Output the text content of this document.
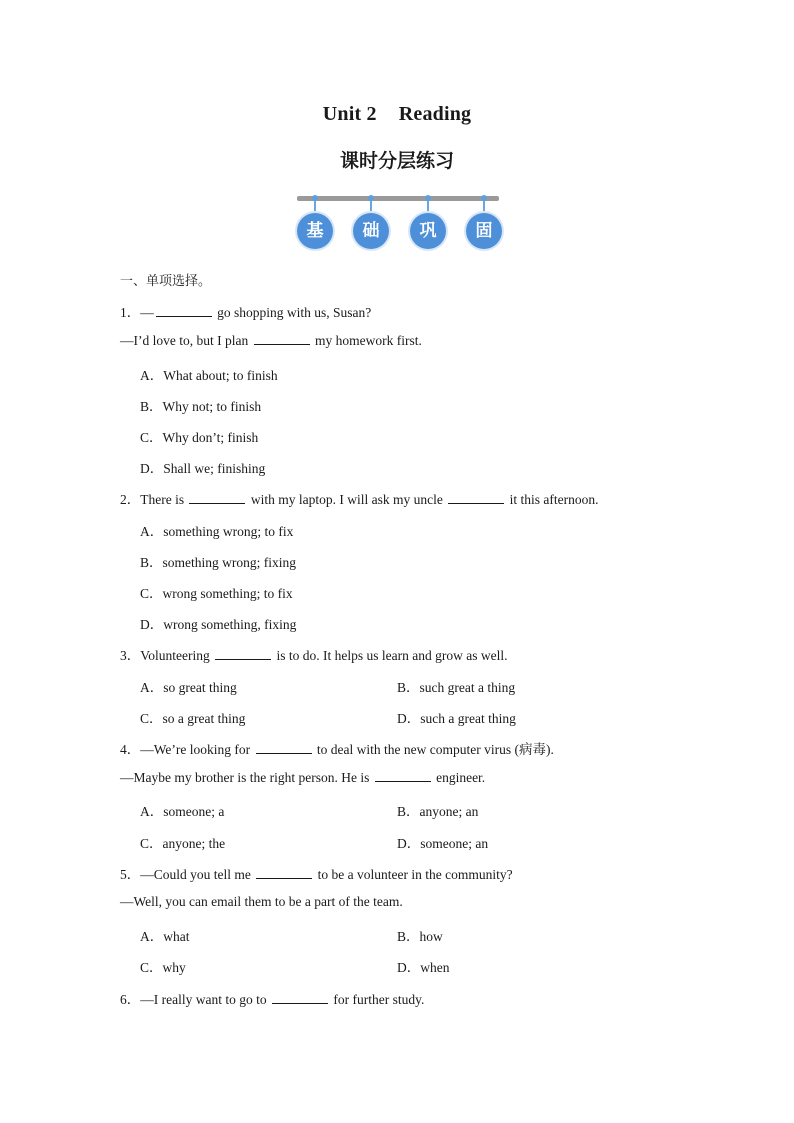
Unit 2 Reading
课时分层练习
基	础	巩	固
一、单项选择。
1．—	go shopping with us, Susan?
—I’d love to, but I plan	my homework first.
A．What about; to finish
B．Why not; to finish
C．Why don’t; finish
D．Shall we; finishing
2．There is	with my laptop. I will ask my uncle	it this afternoon.
A．something wrong; to fix
B．something wrong; fixing
C．wrong something; to fix
D．wrong something, fixing
3．Volunteering	is to do. It helps us learn and grow as well.
A．so great thing	B．such great a thing
C．so a great thing	D．such a great thing
4．—We’re looking for	to deal with the new computer virus (病毒).
—Maybe my brother is the right person. He is	engineer.
A．someone; a	B．anyone; an
C．anyone; the	D．someone; an
5．—Could you tell me	to be a volunteer in the community?
—Well, you can email them to be a part of the team.
A．what	B．how
C．why	D．when
6．—I really want to go to	for further study.
